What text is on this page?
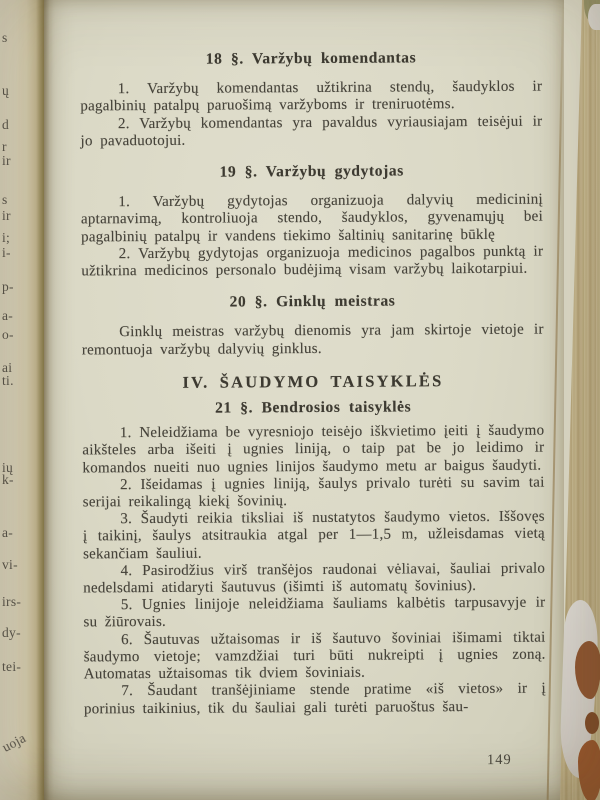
s
ų
d
r
ir
s
ir
i;
i-
p-
a-
o-
ai
ti.
ių
k-
a-
vi-
irs-
dy-
tei-
uoja
18 §. Varžybų komendantas

1. Varžybų komendantas užtikrina stendų, šaudyklos ir pagalbinių patalpų paruošimą varžyboms ir treniruotėms.

2. Varžybų komendantas yra pavaldus vyriausiajam teisėjui ir jo pavaduotojui.

19 §. Varžybų gydytojas

1. Varžybų gydytojas organizuoja dalyvių medicininį aptarnavimą, kontroliuoja stendo, šaudyklos, gyvenamųjų bei pagalbinių patalpų ir vandens tiekimo šaltinių sanitarinę būklę

2. Varžybų gydytojas organizuoja medicinos pagalbos punktą ir užtikrina medicinos personalo budėjimą visam varžybų laikotarpiui.

20 §. Ginklų meistras

Ginklų meistras varžybų dienomis yra jam skirtoje vietoje ir remontuoja varžybų dalyvių ginklus.

IV. ŠAUDYMO TAISYKLĖS
21 §. Bendrosios taisyklės

1. Neleidžiama be vyresniojo teisėjo iškvietimo įeiti į šaudymo aikšteles arba išeiti į ugnies liniją, o taip pat be jo leidimo ir komandos nueiti nuo ugnies linijos šaudymo metu ar baigus šaudyti.

2. Išeidamas į ugnies liniją, šaulys privalo turėti su savim tai serijai reikalingą kiekį šovinių.

3. Šaudyti reikia tiksliai iš nustatytos šaudymo vietos. Iššovęs į taikinį, šaulys atsitraukia atgal per 1—1,5 m, užleisdamas vietą sekančiam šauliui.

4. Pasirodžius virš tranšėjos raudonai vėliavai, šauliai privalo nedelsdami atidaryti šautuvus (išimti iš automatų šovinius).

5. Ugnies linijoje neleidžiama šauliams kalbėtis tarpusavyje ir su žiūrovais.

6. Šautuvas užtaisomas ir iš šautuvo šoviniai išimami tiktai šaudymo vietoje; vamzdžiai turi būti nukreipti į ugnies zoną. Automatas užtaisomas tik dviem šoviniais.

7. Šaudant tranšėjiniame stende pratime «iš vietos» ir į porinius taikinius, tik du šauliai gali turėti paruoštus šau-

149
